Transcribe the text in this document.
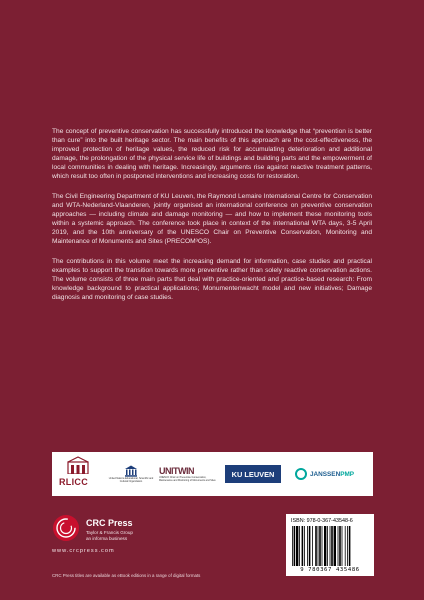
The concept of preventive conservation has successfully introduced the knowledge that “prevention is better than cure” into the built heritage sector. The main benefits of this approach are the cost-effectiveness, the improved protection of heritage values, the reduced risk for accumulating deterioration and additional damage, the prolongation of the physical service life of buildings and building parts and the empowerment of local communities in dealing with heritage. Increasingly, arguments rise against reactive treatment patterns, which result too often in postponed interventions and increasing costs for restoration.

The Civil Engineering Department of KU Leuven, the Raymond Lemaire International Centre for Conservation and WTA-Nederland-Vlaanderen, jointly organised an international conference on preventive conservation approaches — including climate and damage monitoring — and how to implement these monitoring tools within a systemic approach. The conference took place in context of the international WTA days, 3-5 April 2019, and the 10th anniversary of the UNESCO Chair on Preventive Conservation, Monitoring and Maintenance of Monuments and Sites (PRECOM³OS).

The contributions in this volume meet the increasing demand for information, case studies and practical examples to support the transition towards more preventive rather than solely reactive conservation actions. The volume consists of three main parts that deal with practice-oriented and practice-based research: From knowledge background to practical applications; Monumentenwacht model and new initiatives; Damage diagnosis and monitoring of case studies.

RLICC	United Nations Educational, Scientific and Cultural Organization
UNITWIN
UNESCO Chair on Preventive Conservation, Maintenance and Monitoring of Monuments and Sites
KU LEUVEN	JANSSENPMP
CRC Press
Taylor & Francis Group
an informa business
www.crcpress.com
CRC Press titles are available as eBook editions in a range of digital formats
ISBN: 978-0-367-43548-6
9 780367 435486
